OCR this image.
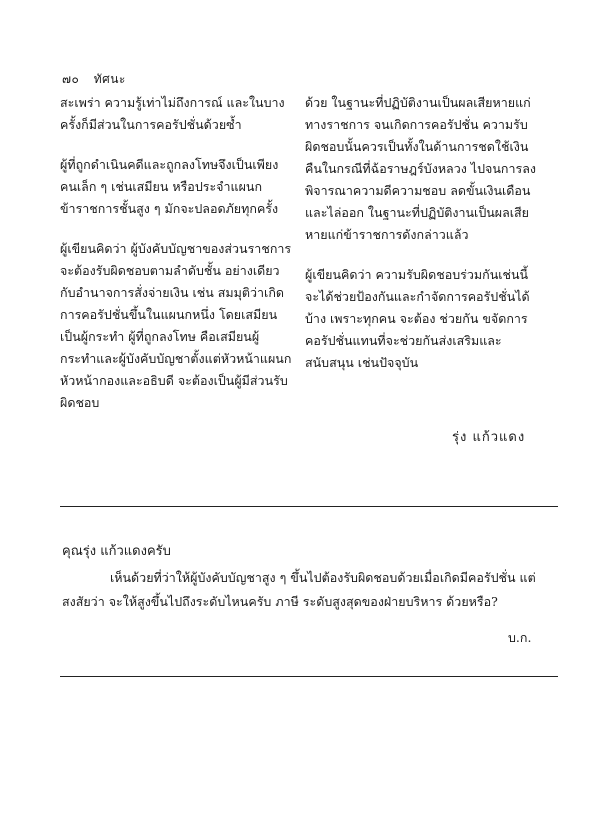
๗๐ ทัศนะ

สะเพร่า ความรู้เท่าไม่ถึงการณ์ และในบางครั้งก็มีส่วนในการคอรัปชั่นด้วยซ้ำ

ผู้ที่ถูกดำเนินคดีและถูกลงโทษจึงเป็นเพียงคนเล็ก ๆ เช่นเสมียน หรือประจำแผนก ข้าราชการชั้นสูง ๆ มักจะปลอดภัยทุกครั้ง

ผู้เขียนคิดว่า ผู้บังคับบัญชาของส่วนราชการจะต้องรับผิดชอบตามลำดับชั้น อย่างเดียวกับอำนาจการสั่งจ่ายเงิน เช่น สมมุติว่าเกิดการคอรัปชั่นขึ้นในแผนกหนึ่ง โดยเสมียนเป็นผู้กระทำ ผู้ที่ถูกลงโทษ คือเสมียนผู้กระทำและผู้บังคับบัญชาตั้งแต่หัวหน้าแผนก หัวหน้ากองและอธิบดี จะต้องเป็นผู้มีส่วนรับผิดชอบ

ด้วย ในฐานะที่ปฏิบัติงานเป็นผลเสียหายแก่ทางราชการ จนเกิดการคอรัปชั่น ความรับผิดชอบนั้นควรเป็นทั้งในด้านการชดใช้เงินคืนในกรณีที่ฉ้อราษฎร์บังหลวง ไปจนการลงพิจารณาความดีความชอบ ลดขั้นเงินเดือนและไล่ออก ในฐานะที่ปฏิบัติงานเป็นผลเสียหายแก่ข้าราชการดังกล่าวแล้ว

ผู้เขียนคิดว่า ความรับผิดชอบร่วมกันเช่นนี้จะได้ช่วยป้องกันและกำจัดการคอรัปชั่นได้บ้าง เพราะทุกคน จะต้อง ช่วยกัน ขจัดการ คอรัปชั่นแทนที่จะช่วยกันส่งเสริมและสนับสนุน เช่นปัจจุบัน

รุ่ง แก้วแดง
คุณรุ่ง แก้วแดงครับ
เห็นด้วยที่ว่าให้ผู้บังคับบัญชาสูง ๆ ขึ้นไปต้องรับผิดชอบด้วยเมื่อเกิดมีคอรัปชั่น แต่สงสัยว่า จะให้สูงขึ้นไปถึงระดับไหนครับ ภาษี ระดับสูงสุดของฝ่ายบริหาร ด้วยหรือ?
บ.ก.
